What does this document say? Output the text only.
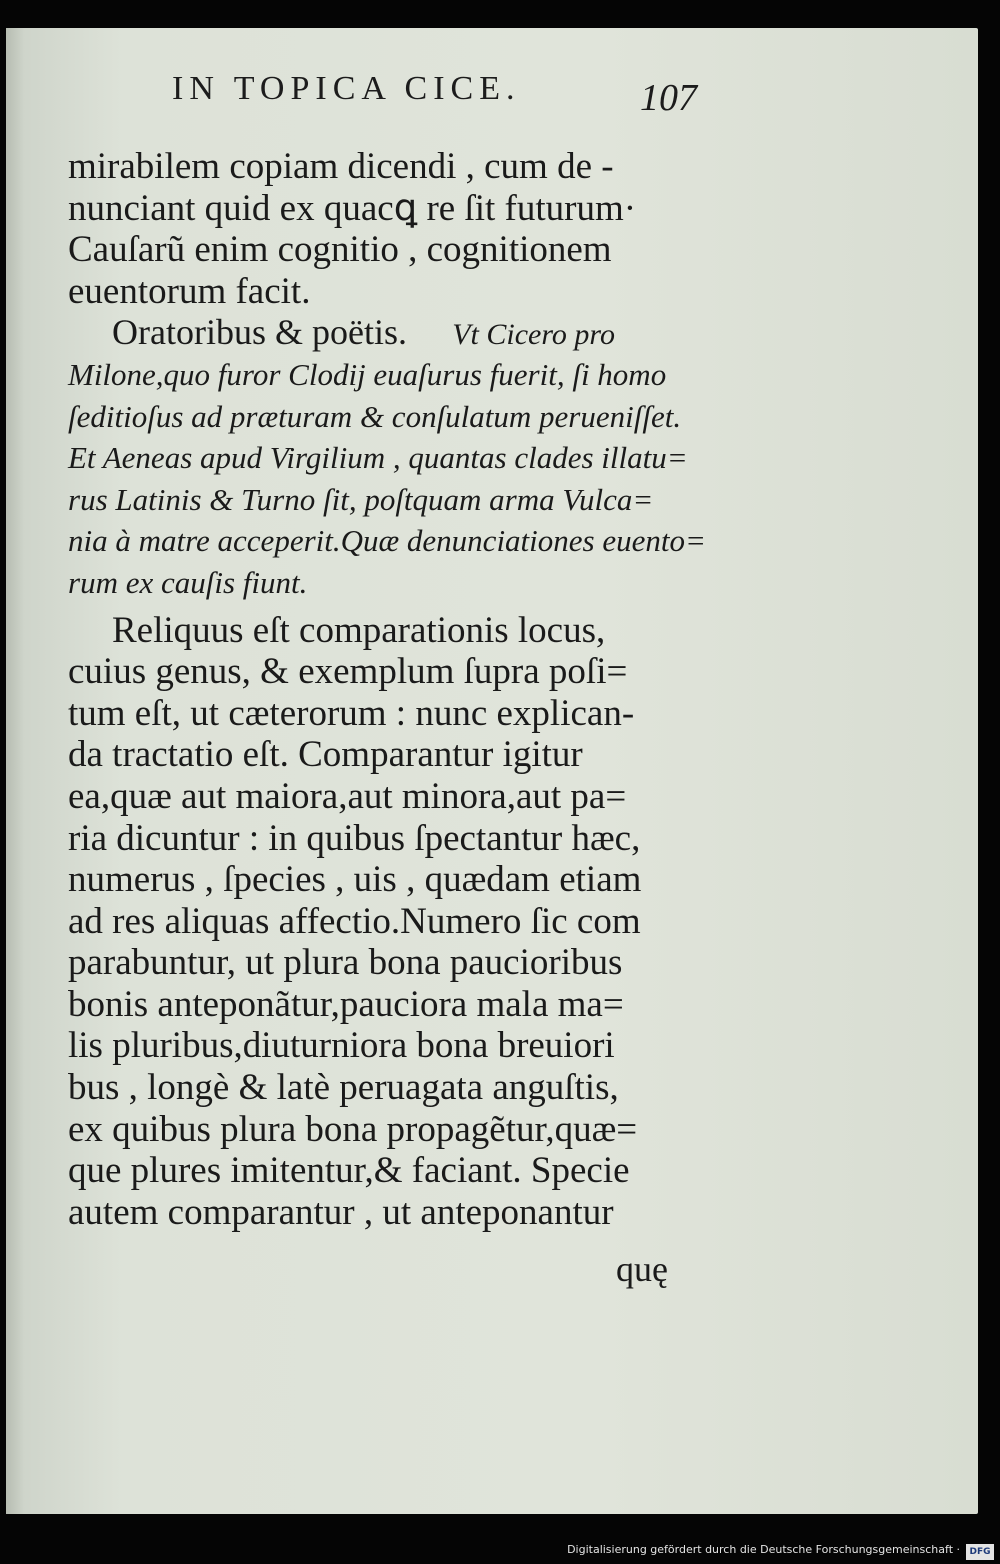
IN TOPICA CICE.	107
mirabilem copiam dicendi , cum de -
nunciant quid ex quacꝗ re ſit futurum·
Cauſarũ enim cognitio , cognitionem
euentorum facit.
Oratoribus & poëtis. Vt Cicero pro
Milone,quo furor Clodij euaſurus fuerit, ſi homo
ſeditioſus ad præturam & conſulatum perueniſſet.
Et Aeneas apud Virgilium , quantas clades illatu=
rus Latinis & Turno ſit, poſtquam arma Vulca=
nia à matre acceperit.Quæ denunciationes euento=
rum ex cauſis fiunt.
Reliquus eſt comparationis locus,
cuius genus, & exemplum ſupra poſi=
tum eſt, ut cæterorum : nunc explican-
da tractatio eſt. Comparantur igitur
ea,quæ aut maiora,aut minora,aut pa=
ria dicuntur : in quibus ſpectantur hæc,
numerus , ſpecies , uis , quædam etiam
ad res aliquas affectio.Numero ſic com
parabuntur, ut plura bona paucioribus
bonis anteponãtur,pauciora mala ma=
lis pluribus,diuturniora bona breuiori
bus , longè & latè peruagata anguſtis,
ex quibus plura bona propagẽtur,quæ=
que plures imitentur,& faciant. Specie
autem comparantur , ut anteponantur
quę
Digitalisierung gefördert durch die Deutsche Forschungsgemeinschaft ·	DFG
